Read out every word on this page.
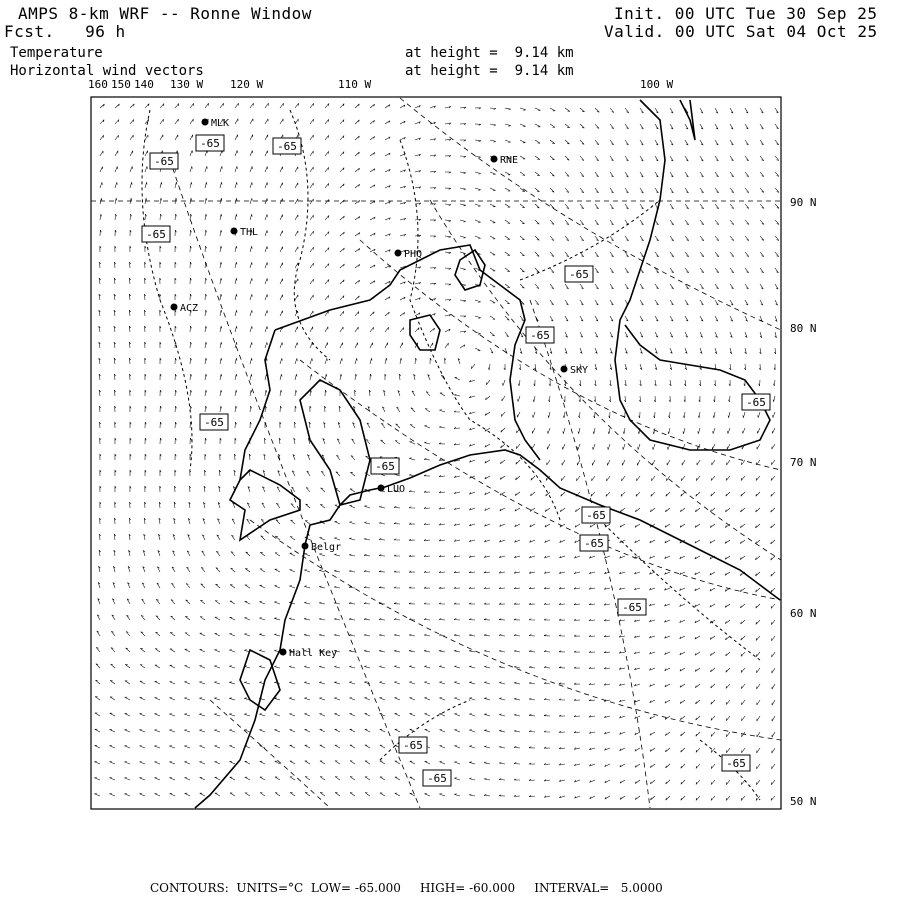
AMPS 8-km WRF -- Ronne Window
Fcst.   96 h
Init. 00 UTC Tue 30 Sep 25
Valid. 00 UTC Sat 04 Oct 25
Temperature	at height =  9.14 km
Horizontal wind vectors	at height =  9.14 km
160 150 140 130 W 120 W	110 W	100 W
90 N
80 N
70 N
60 N
50 N
MLK
RNE
THL
PHQ
ACZ
SKY
LUO
Belgr
Hall Key
-65	-65
-65
-65
-65
-65
-65
-65
-65
-65
-65
-65
-65
-65
-65
CONTOURS:  UNITS=°C  LOW= -65.000     HIGH= -60.000     INTERVAL=   5.0000
